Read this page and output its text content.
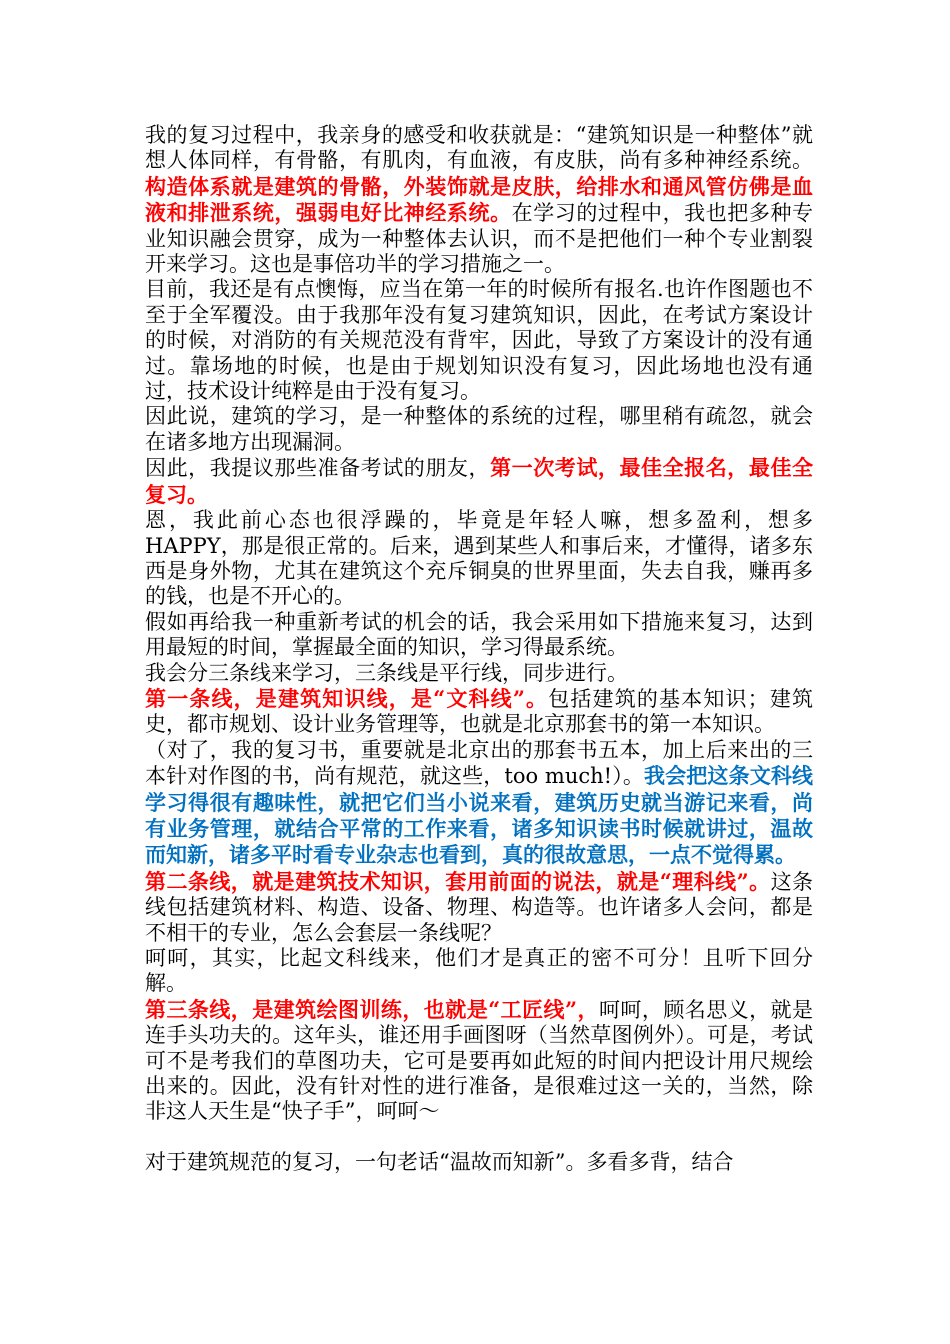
我的复习过程中，我亲身的感受和收获就是：“建筑知识是一种整体”就想人体同样，有骨骼，有肌肉，有血液，有皮肤，尚有多种神经系统。构造体系就是建筑的骨骼，外装饰就是皮肤，给排水和通风管仿佛是血液和排泄系统，强弱电好比神经系统。在学习的过程中，我也把多种专业知识融会贯穿，成为一种整体去认识，而不是把他们一种个专业割裂开来学习。这也是事倍功半的学习措施之一。

目前，我还是有点懊悔，应当在第一年的时候所有报名.也许作图题也不至于全军覆没。由于我那年没有复习建筑知识，因此，在考试方案设计的时候，对消防的有关规范没有背牢，因此，导致了方案设计的没有通过。靠场地的时候，也是由于规划知识没有复习，因此场地也没有通过，技术设计纯粹是由于没有复习。

因此说，建筑的学习，是一种整体的系统的过程，哪里稍有疏忽，就会在诸多地方出现漏洞。

因此，我提议那些准备考试的朋友，第一次考试，最佳全报名，最佳全复习。

恩，我此前心态也很浮躁的，毕竟是年轻人嘛，想多盈利，想多HAPPY，那是很正常的。后来，遇到某些人和事后来，才懂得，诸多东西是身外物，尤其在建筑这个充斥铜臭的世界里面，失去自我，赚再多的钱，也是不开心的。

假如再给我一种重新考试的机会的话，我会采用如下措施来复习，达到用最短的时间，掌握最全面的知识，学习得最系统。

我会分三条线来学习，三条线是平行线，同步进行。

第一条线，是建筑知识线，是“文科线”。包括建筑的基本知识；建筑史，都市规划、设计业务管理等，也就是北京那套书的第一本知识。

（对了，我的复习书，重要就是北京出的那套书五本，加上后来出的三本针对作图的书，尚有规范，就这些，too much!）。我会把这条文科线学习得很有趣味性，就把它们当小说来看，建筑历史就当游记来看，尚有业务管理，就结合平常的工作来看，诸多知识读书时候就讲过，温故而知新，诸多平时看专业杂志也看到，真的很故意思，一点不觉得累。

第二条线，就是建筑技术知识，套用前面的说法，就是“理科线”。这条线包括建筑材料、构造、设备、物理、构造等。也许诸多人会问，都是不相干的专业，怎么会套层一条线呢？

呵呵，其实，比起文科线来，他们才是真正的密不可分！且听下回分解。

第三条线，是建筑绘图训练，也就是“工匠线”，呵呵，顾名思义，就是连手头功夫的。这年头，谁还用手画图呀（当然草图例外）。可是，考试可不是考我们的草图功夫，它可是要再如此短的时间内把设计用尺规绘出来的。因此，没有针对性的进行准备，是很难过这一关的，当然，除非这人天生是“快子手”，呵呵～

对于建筑规范的复习，一句老话“温故而知新”。多看多背，结合
